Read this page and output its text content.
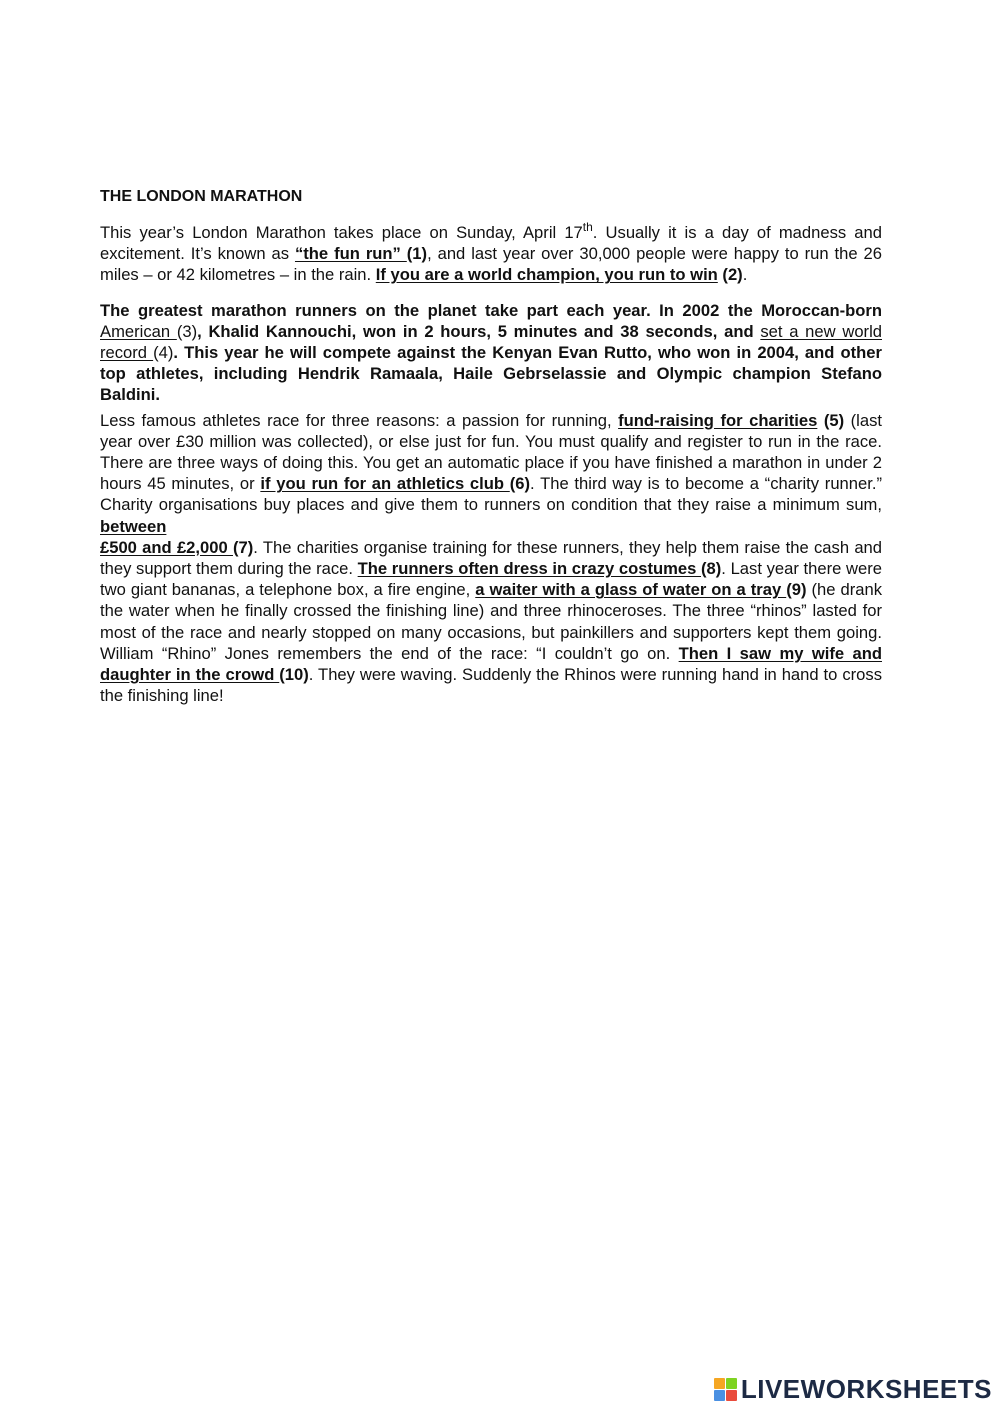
THE LONDON MARATHON

This year’s London Marathon takes place on Sunday, April 17th. Usually it is a day of madness and excitement. It’s known as “the fun run” (1), and last year over 30,000 people were happy to run the 26 miles – or 42 kilometres – in the rain. If you are a world champion, you run to win (2).

The greatest marathon runners on the planet take part each year. In 2002 the Moroccan-born American (3), Khalid Kannouchi, won in 2 hours, 5 minutes and 38 seconds, and set a new world record (4). This year he will compete against the Kenyan Evan Rutto, who won in 2004, and other top athletes, including Hendrik Ramaala, Haile Gebrselassie and Olympic champion Stefano Baldini.

Less famous athletes race for three reasons: a passion for running, fund-raising for charities (5) (last year over £30 million was collected), or else just for fun. You must qualify and register to run in the race. There are three ways of doing this. You get an automatic place if you have finished a marathon in under 2 hours 45 minutes, or if you run for an athletics club (6). The third way is to become a “charity runner.” Charity organisations buy places and give them to runners on condition that they raise a minimum sum, between
£500 and £2,000 (7). The charities organise training for these runners, they help them raise the cash and they support them during the race. The runners often dress in crazy costumes (8). Last year there were two giant bananas, a telephone box, a fire engine, a waiter with a glass of water on a tray (9) (he drank the water when he finally crossed the finishing line) and three rhinoceroses. The three “rhinos” lasted for most of the race and nearly stopped on many occasions, but painkillers and supporters kept them going. William “Rhino” Jones remembers the end of the race: “I couldn’t go on. Then I saw my wife and daughter in the crowd (10). They were waving. Suddenly the Rhinos were running hand in hand to cross the finishing line!

LIVEWORKSHEETS
